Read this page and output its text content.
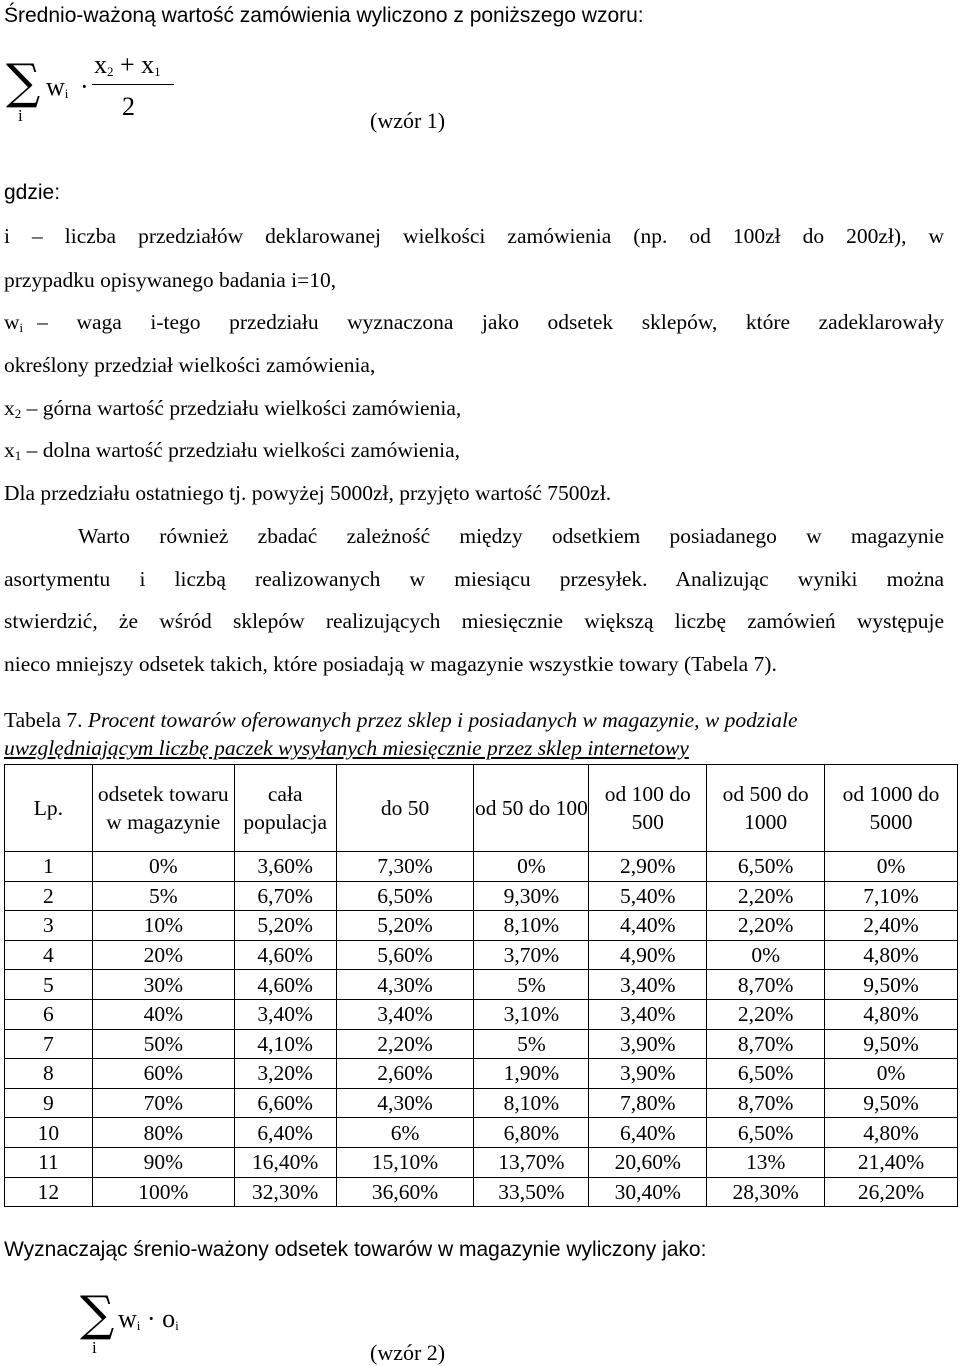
Średnio-ważoną wartość zamówienia wyliczono z poniższego wzoru:
∑
i
$w_i$ ·
$x_2 + x_1$
2	(wzór 1)
gdzie:
i – liczba przedziałów deklarowanej wielkości zamówienia (np. od 100zł do 200zł), w
przypadku opisywanego badania i=10,
$w_i$ – waga i-tego przedziału wyznaczona jako odsetek sklepów, które zadeklarowały
określony przedział wielkości zamówienia,
$x_2$ – górna wartość przedziału wielkości zamówienia,
$x_1$ – dolna wartość przedziału wielkości zamówienia,
Dla przedziału ostatniego tj. powyżej 5000zł, przyjęto wartość 7500zł.
Warto również zbadać zależność między odsetkiem posiadanego w magazynie
asortymentu i liczbą realizowanych w miesiącu przesyłek. Analizując wyniki można
stwierdzić, że wśród sklepów realizujących miesięcznie większą liczbę zamówień występuje
nieco mniejszy odsetek takich, które posiadają w magazynie wszystkie towary (Tabela 7).
Tabela 7. Procent towarów oferowanych przez sklep i posiadanych w magazynie, w podziale
uwzględniającym liczbę paczek wysyłanych miesięcznie przez sklep internetowy
Lp.	odsetek towaru w magazynie	cała populacja	do 50	od 50 do 100	od 100 do 500	od 500 do 1000	od 1000 do 5000
1	0%	3,60%	7,30%	0%	2,90%	6,50%	0%
2	5%	6,70%	6,50%	9,30%	5,40%	2,20%	7,10%
3	10%	5,20%	5,20%	8,10%	4,40%	2,20%	2,40%
4	20%	4,60%	5,60%	3,70%	4,90%	0%	4,80%
5	30%	4,60%	4,30%	5%	3,40%	8,70%	9,50%
6	40%	3,40%	3,40%	3,10%	3,40%	2,20%	4,80%
7	50%	4,10%	2,20%	5%	3,90%	8,70%	9,50%
8	60%	3,20%	2,60%	1,90%	3,90%	6,50%	0%
9	70%	6,60%	4,30%	8,10%	7,80%	8,70%	9,50%
10	80%	6,40%	6%	6,80%	6,40%	6,50%	4,80%
11	90%	16,40%	15,10%	13,70%	20,60%	13%	21,40%
12	100%	32,30%	36,60%	33,50%	30,40%	28,30%	26,20%
Wyznaczając śrenio-ważony odsetek towarów w magazynie wyliczony jako:
∑
i
$w_i \cdot o_i$
(wzór 2)
